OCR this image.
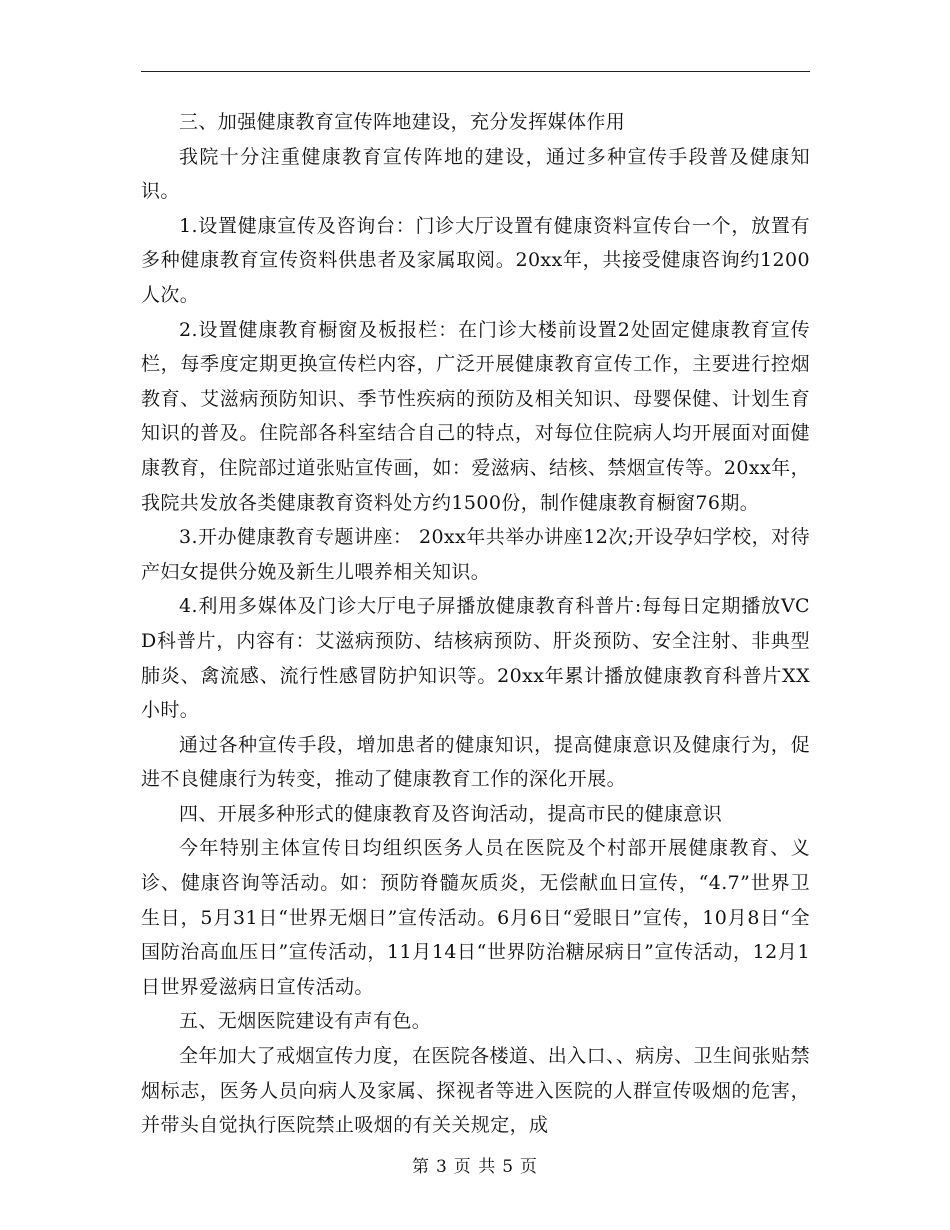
三、加强健康教育宣传阵地建设，充分发挥媒体作用

我院十分注重健康教育宣传阵地的建设，通过多种宣传手段普及健康知识。

1.设置健康宣传及咨询台：门诊大厅设置有健康资料宣传台一个，放置有多种健康教育宣传资料供患者及家属取阅。20xx年，共接受健康咨询约1200人次。

2.设置健康教育橱窗及板报栏：在门诊大楼前设置2处固定健康教育宣传栏，每季度定期更换宣传栏内容，广泛开展健康教育宣传工作，主要进行控烟教育、艾滋病预防知识、季节性疾病的预防及相关知识、母婴保健、计划生育知识的普及。住院部各科室结合自己的特点，对每位住院病人均开展面对面健康教育，住院部过道张贴宣传画，如：爱滋病、结核、禁烟宣传等。20xx年，我院共发放各类健康教育资料处方约1500份，制作健康教育橱窗76期。

3.开办健康教育专题讲座： 20xx年共举办讲座12次;开设孕妇学校，对待产妇女提供分娩及新生儿喂养相关知识。

4.利用多媒体及门诊大厅电子屏播放健康教育科普片:每每日定期播放VCD科普片，内容有：艾滋病预防、结核病预防、肝炎预防、安全注射、非典型肺炎、禽流感、流行性感冒防护知识等。20xx年累计播放健康教育科普片XX小时。

通过各种宣传手段，增加患者的健康知识，提高健康意识及健康行为，促进不良健康行为转变，推动了健康教育工作的深化开展。

四、开展多种形式的健康教育及咨询活动，提高市民的健康意识

今年特别主体宣传日均组织医务人员在医院及个村部开展健康教育、义诊、健康咨询等活动。如：预防脊髓灰质炎，无偿献血日宣传，“4.7”世界卫生日，5月31日“世界无烟日”宣传活动。6月6日“爱眼日”宣传，10月8日“全国防治高血压日”宣传活动，11月14日“世界防治糖尿病日”宣传活动，12月1日世界爱滋病日宣传活动。

五、无烟医院建设有声有色。

全年加大了戒烟宣传力度，在医院各楼道、出入口、、病房、卫生间张贴禁烟标志，医务人员向病人及家属、探视者等进入医院的人群宣传吸烟的危害，并带头自觉执行医院禁止吸烟的有关关规定，成

第 3 页 共 5 页
